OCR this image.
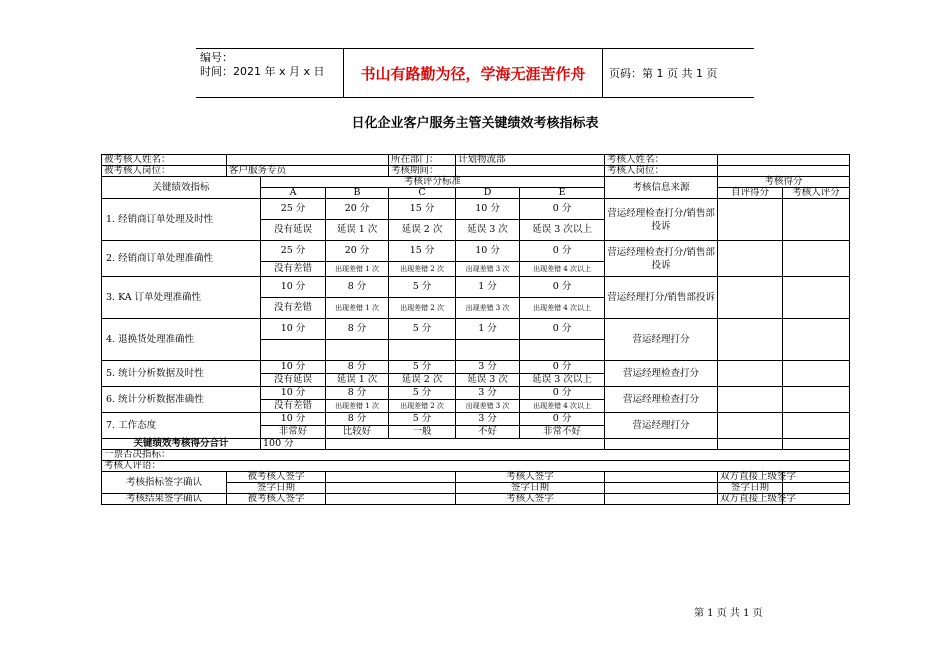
编号：
时间：2021 年 x 月 x 日	书山有路勤为径，学海无涯苦作舟	页码：第 1 页 共 1 页
日化企业客户服务主管关键绩效考核指标表
被考核人姓名：				所在部门：	计划物流部		考核人姓名：		
被考核人岗位：	客户服务专员			考核期间：			考核人岗位：		
关键绩效指标		考核评分标准					考核信息来源	考核得分	
		A	B	C	D	E		自评得分	考核人评分
1. 经销商订单处理及时性		25 分	20 分	15 分	10 分	0 分	营运经理检查打分/销售部投诉		
		没有延误	延误 1 次	延误 2 次	延误 3 次	延误 3 次以上			
2. 经销商订单处理准确性		25 分	20 分	15 分	10 分	0 分	营运经理检查打分/销售部投诉		
		没有差错	出现差错 1 次	出现差错 2 次	出现差错 3 次	出现差错 4 次以上			
3. KA 订单处理准确性		10 分	8 分	5 分	1 分	0 分	营运经理打分/销售部投诉		
		没有差错	出现差错 1 次	出现差错 2 次	出现差错 3 次	出现差错 4 次以上			
4. 退换货处理准确性		10 分	8 分	5 分	1 分	0 分	营运经理打分		

5. 统计分析数据及时性		10 分	8 分	5 分	3 分	0 分	营运经理检查打分		
		没有延误	延误 1 次	延误 2 次	延误 3 次	延误 3 次以上			
6. 统计分析数据准确性		10 分	8 分	5 分	3 分	0 分	营运经理检查打分		
		没有差错	出现差错 1 次	出现差错 2 次	出现差错 3 次	出现差错 4 次以上			
7. 工作态度		10 分	8 分	5 分	3 分	0 分	营运经理打分		
		非常好	比较好	一般	不好	非常不好			
关键绩效考核得分合计		100 分							
一票否决指标：									
考核人评语：									
考核指标签字确认	被考核人签字				考核人签字			双方直接上级签字	
	签字日期				签字日期			签字日期	
考核结果签字确认	被考核人签字				考核人签字			双方直接上级签字	
第 1 页 共 1 页
